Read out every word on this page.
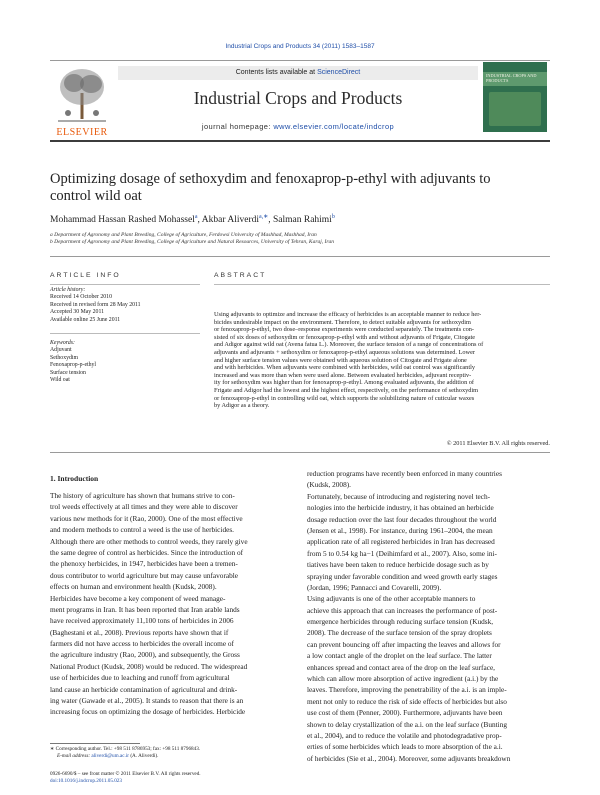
Industrial Crops and Products 34 (2011) 1583–1587
ELSEVIER
Contents lists available at ScienceDirect
Industrial Crops and Products
journal homepage: www.elsevier.com/locate/indcrop
INDUSTRIAL CROPS AND PRODUCTS
Optimizing dosage of sethoxydim and fenoxaprop-p-ethyl with adjuvants to
control wild oat
Mohammad Hassan Rashed Mohassel$^a$, Akbar Aliverdi$^{a,∗}$, Salman Rahimi$^b$
a Department of Agronomy and Plant Breeding, College of Agriculture, Ferdowsi University of Mashhad, Mashhad, Iran
b Department of Agronomy and Plant Breeding, College of Agriculture and Natural Resources, University of Tehran, Karaj, Iran
ARTICLE INFO
Article history:
Received 14 October 2010
Received in revised form 28 May 2011
Accepted 30 May 2011
Available online 25 June 2011
Keywords:
Adjuvant
Sethoxydim
Fenoxaprop-p-ethyl
Surface tension
Wild oat
ABSTRACT
Using adjuvants to optimize and increase the efficacy of herbicides is an acceptable manner to reduce her-
bicides undesirable impact on the environment. Therefore, to detect suitable adjuvants for sethoxydim
or fenoxaprop-p-ethyl, two dose–response experiments were conducted separately. The treatments con-
sisted of six doses of sethoxydim or fenoxaprop-p-ethyl with and without adjuvants of Frigate, Citogate
and Adigor against wild oat (Avena fatua L.). Moreover, the surface tension of a range of concentrations of
adjuvants and adjuvants + sethoxydim or fenoxaprop-p-ethyl aqueous solutions was determined. Lower
and higher surface tension values were obtained with aqueous solution of Citogate and Frigate alone
and with herbicides. When adjuvants were combined with herbicides, wild oat control was significantly
increased and was more than when were used alone. Between evaluated herbicides, adjuvant receptiv-
ity for sethoxydim was higher than for fenoxaprop-p-ethyl. Among evaluated adjuvants, the addition of
Frigate and Adigor had the lowest and the highest effect, respectively, on the performance of sethoxydim
or fenoxaprop-p-ethyl in controlling wild oat, which supports the solubilizing nature of cuticular waxes
by Adigor as a theory.
© 2011 Elsevier B.V. All rights reserved.
1. Introduction
The history of agriculture has shown that humans strive to con-
trol weeds effectively at all times and they were able to discover
various new methods for it (Rao, 2000). One of the most effective
and modern methods to control a weed is the use of herbicides.
Although there are other methods to control weeds, they rarely give
the same degree of control as herbicides. Since the introduction of
the phenoxy herbicides, in 1947, herbicides have been a tremen-
dous contributor to world agriculture but may cause unfavorable
effects on human and environment health (Kudsk, 2008).
Herbicides have become a key component of weed manage-
ment programs in Iran. It has been reported that Iran arable lands
have received approximately 11,100 tons of herbicides in 2006
(Baghestani et al., 2008). Previous reports have shown that if
farmers did not have access to herbicides the overall income of
the agriculture industry (Rao, 2000), and subsequently, the Gross
National Product (Kudsk, 2008) would be reduced. The widespread
use of herbicides due to leaching and runoff from agricultural
land cause an herbicide contamination of agricultural and drink-
ing water (Gawade et al., 2005). It stands to reason that there is an
increasing focus on optimizing the dosage of herbicides. Herbicide
reduction programs have recently been enforced in many countries
(Kudsk, 2008).
Fortunately, because of introducing and registering novel tech-
nologies into the herbicide industry, it has obtained an herbicide
dosage reduction over the last four decades throughout the world
(Jensen et al., 1998). For instance, during 1961–2004, the mean
application rate of all registered herbicides in Iran has decreased
from 5 to 0.54 kg ha−1 (Deihimfard et al., 2007). Also, some ini-
tiatives have been taken to reduce herbicide dosage such as by
spraying under favorable condition and weed growth early stages
(Jordan, 1996; Pannacci and Covarelli, 2009).
Using adjuvants is one of the other acceptable manners to
achieve this approach that can increases the performance of post-
emergence herbicides through reducing surface tension (Kudsk,
2008). The decrease of the surface tension of the spray droplets
can prevent bouncing off after impacting the leaves and allows for
a low contact angle of the droplet on the leaf surface. The latter
enhances spread and contact area of the drop on the leaf surface,
which can allow more absorption of active ingredient (a.i.) by the
leaves. Therefore, improving the penetrability of the a.i. is an imple-
ment not only to reduce the risk of side effects of herbicides but also
use cost of them (Penner, 2000). Furthermore, adjuvants have been
shown to delay crystallization of the a.i. on the leaf surface (Bunting
et al., 2004), and to reduce the volatile and photodegradative prop-
erties of some herbicides which leads to more absorption of the a.i.
of herbicides (Sie et al., 2004). Moreover, some adjuvants breakdown
∗ Corresponding author. Tel.: +98 511 8786953; fax: +98 511 8796843.
E-mail address: aliverdi@um.ac.ir (A. Aliverdi).
0926-6690/$ – see front matter © 2011 Elsevier B.V. All rights reserved.
doi:10.1016/j.indcrop.2011.05.023
